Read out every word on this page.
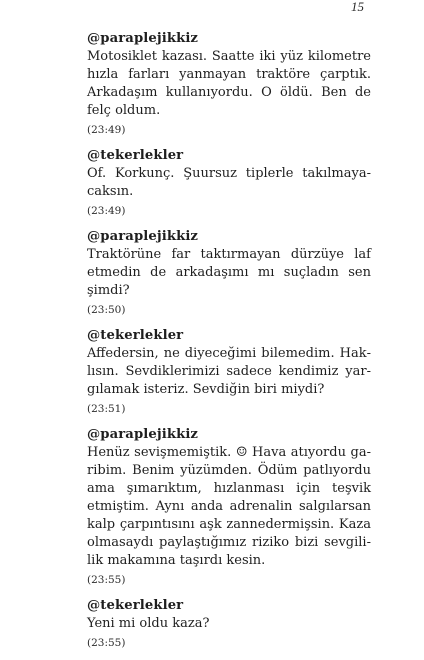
15
@paraplejikkiz
Motosiklet kazası. Saatte iki yüz kilometre hızla farları yanmayan traktöre çarptık. Arkadaşım kullanıyordu. O öldü. Ben de felç oldum.
(23:49)
@tekerlekler
Of. Korkunç. Şuursuz tiplerle takılmayacaksın.
(23:49)
@paraplejikkiz
Traktörüne far taktırmayan dürzüye laf etmedin de arkadaşımı mı suçladın sen şimdi?
(23:50)
@tekerlekler
Affedersin, ne diyeceğimi bilemedim. Haklısın. Sevdiklerimizi sadece kendimiz yargılamak isteriz. Sevdiğin biri miydi?
(23:51)
@paraplejikkiz
Henüz sevişmemiştik. ☺ Hava atıyordu garibim. Benim yüzümden. Ödüm patlıyordu ama şımarıktım, hızlanması için teşvik etmiştim. Aynı anda adrenalin salgılarsan kalp çarpıntısını aşk zannedermişsin. Kaza olmasaydı paylaştığımız riziko bizi sevgililik makamına taşırdı kesin.
(23:55)
@tekerlekler
Yeni mi oldu kaza?
(23:55)
